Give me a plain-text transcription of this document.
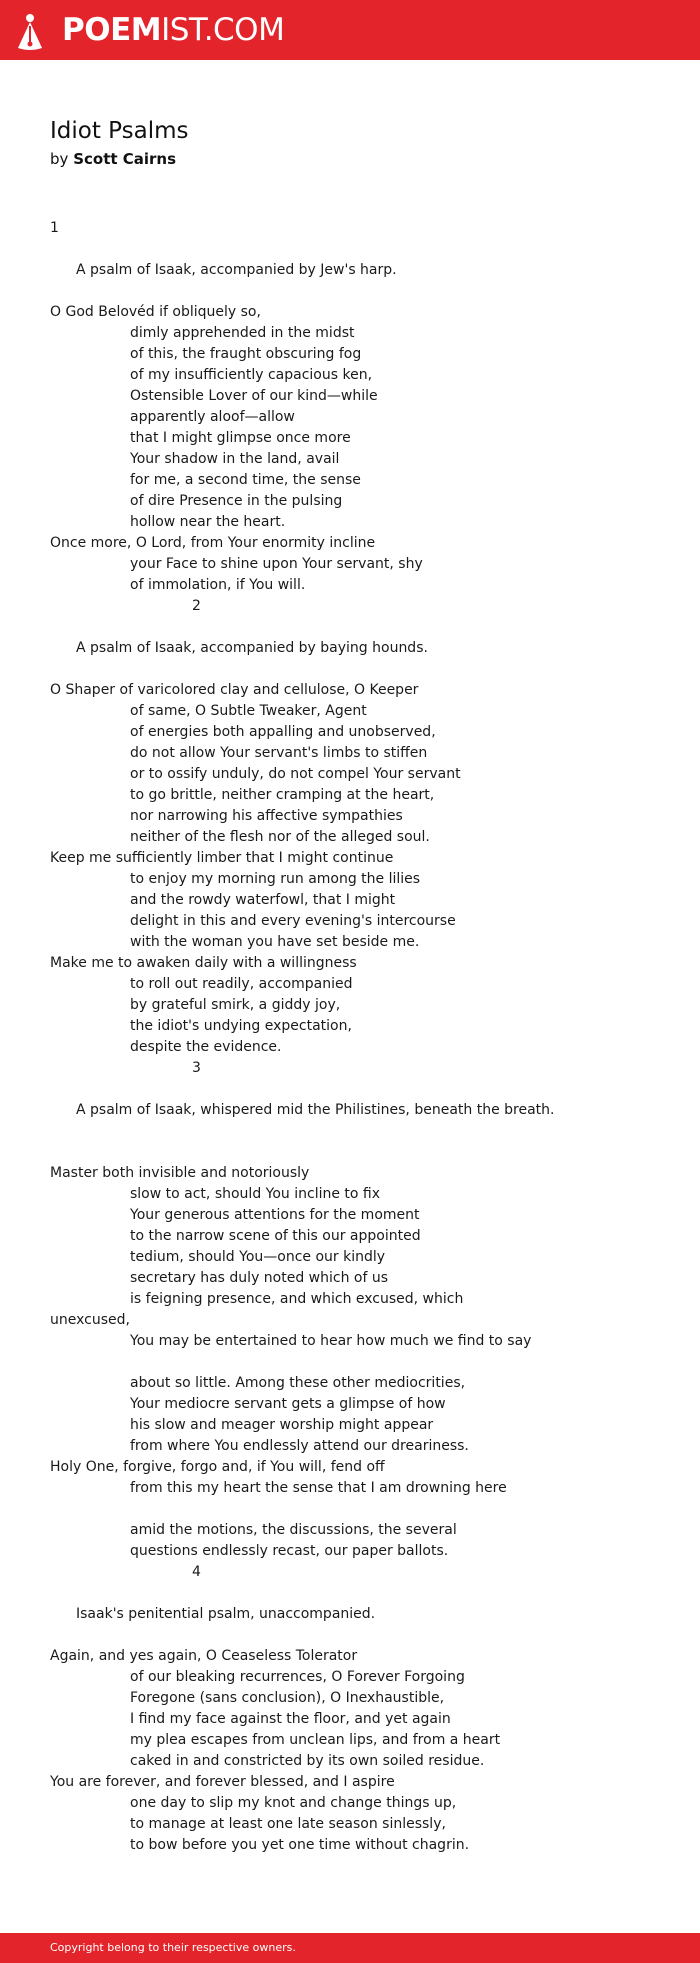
POEMIST.COM
Idiot Psalms
by Scott Cairns
1
A psalm of Isaak, accompanied by Jew's harp.
O God Belovéd if obliquely so,
dimly apprehended in the midst
of this, the fraught obscuring fog
of my insufficiently capacious ken,
Ostensible Lover of our kind—while
apparently aloof—allow
that I might glimpse once more
Your shadow in the land, avail
for me, a second time, the sense
of dire Presence in the pulsing
hollow near the heart.
Once more, O Lord, from Your enormity incline
your Face to shine upon Your servant, shy
of immolation, if You will.
2
A psalm of Isaak, accompanied by baying hounds.
O Shaper of varicolored clay and cellulose, O Keeper
of same, O Subtle Tweaker, Agent
of energies both appalling and unobserved,
do not allow Your servant's limbs to stiffen
or to ossify unduly, do not compel Your servant
to go brittle, neither cramping at the heart,
nor narrowing his affective sympathies
neither of the flesh nor of the alleged soul.
Keep me sufficiently limber that I might continue
to enjoy my morning run among the lilies
and the rowdy waterfowl, that I might
delight in this and every evening's intercourse
with the woman you have set beside me.
Make me to awaken daily with a willingness
to roll out readily, accompanied
by grateful smirk, a giddy joy,
the idiot's undying expectation,
despite the evidence.
3
A psalm of Isaak, whispered mid the Philistines, beneath the breath.
Master both invisible and notoriously
slow to act, should You incline to fix
Your generous attentions for the moment
to the narrow scene of this our appointed
tedium, should You—once our kindly
secretary has duly noted which of us
is feigning presence, and which excused, which
unexcused,
You may be entertained to hear how much we find to say
about so little. Among these other mediocrities,
Your mediocre servant gets a glimpse of how
his slow and meager worship might appear
from where You endlessly attend our dreariness.
Holy One, forgive, forgo and, if You will, fend off
from this my heart the sense that I am drowning here
amid the motions, the discussions, the several
questions endlessly recast, our paper ballots.
4
Isaak's penitential psalm, unaccompanied.
Again, and yes again, O Ceaseless Tolerator
of our bleaking recurrences, O Forever Forgoing
Foregone (sans conclusion), O Inexhaustible,
I find my face against the floor, and yet again
my plea escapes from unclean lips, and from a heart
caked in and constricted by its own soiled residue.
You are forever, and forever blessed, and I aspire
one day to slip my knot and change things up,
to manage at least one late season sinlessly,
to bow before you yet one time without chagrin.
Copyright belong to their respective owners.
